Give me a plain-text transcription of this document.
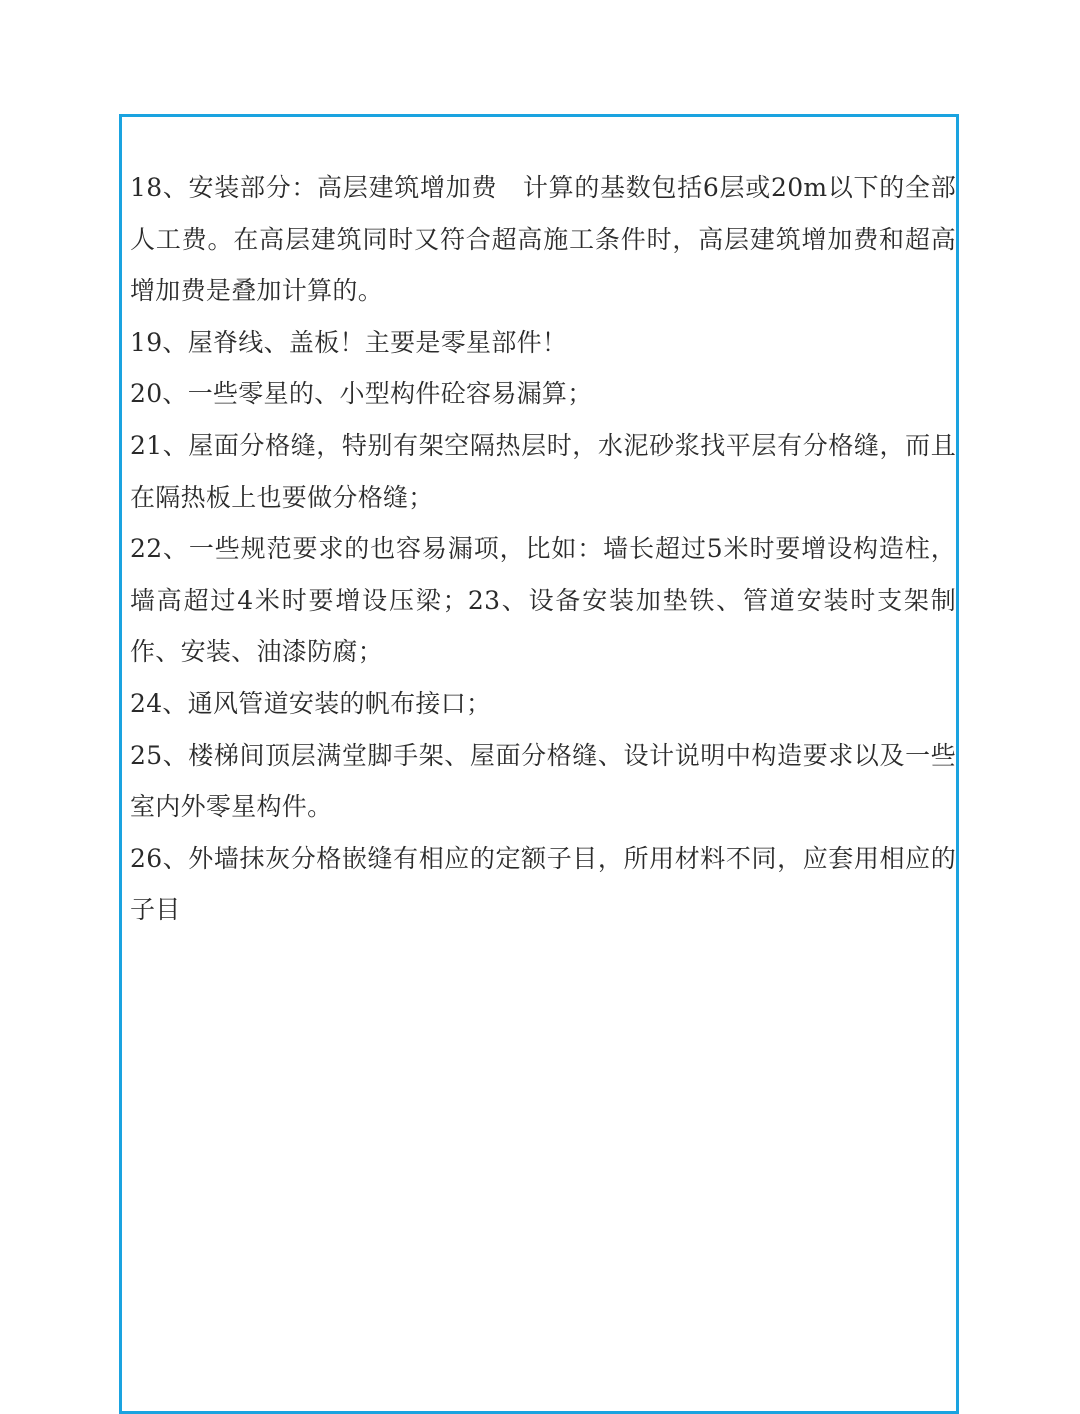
18、安装部分：高层建筑增加费　计算的基数包括6层或20m以下的全部人工费。在高层建筑同时又符合超高施工条件时，高层建筑增加费和超高增加费是叠加计算的。

19、屋脊线、盖板！主要是零星部件！

20、一些零星的、小型构件砼容易漏算；

21、屋面分格缝，特别有架空隔热层时，水泥砂浆找平层有分格缝，而且在隔热板上也要做分格缝；

22、一些规范要求的也容易漏项，比如：墙长超过5米时要增设构造柱，墙高超过4米时要增设压梁；23、设备安装加垫铁、管道安装时支架制作、安装、油漆防腐；

24、通风管道安装的帆布接口；

25、楼梯间顶层满堂脚手架、屋面分格缝、设计说明中构造要求以及一些室内外零星构件。

26、外墙抹灰分格嵌缝有相应的定额子目，所用材料不同，应套用相应的子目
